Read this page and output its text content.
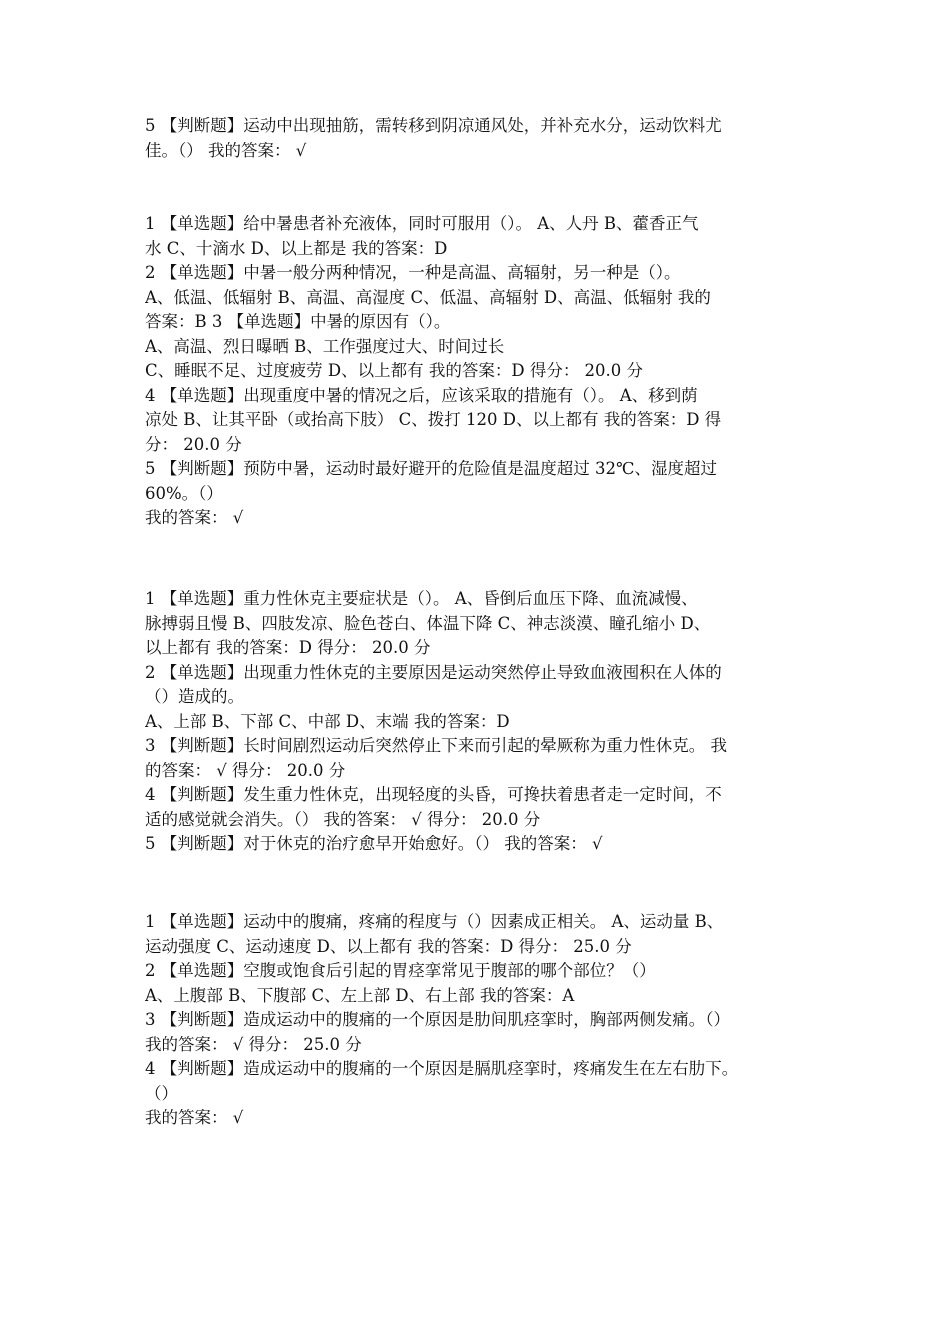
5 【判断题】运动中出现抽筋，需转移到阴凉通风处，并补充水分，运动饮料尤
佳。（） 我的答案： √
1 【单选题】给中暑患者补充液体，同时可服用（）。 A、人丹 B、藿香正气
水 C、十滴水 D、以上都是 我的答案：D
2 【单选题】中暑一般分两种情况，一种是高温、高辐射，另一种是（）。
A、低温、低辐射 B、高温、高湿度 C、低温、高辐射 D、高温、低辐射 我的
答案：B 3 【单选题】中暑的原因有（）。
A、高温、烈日曝晒 B、工作强度过大、时间过长
C、睡眠不足、过度疲劳 D、以上都有 我的答案：D 得分： 20.0 分
4 【单选题】出现重度中暑的情况之后，应该采取的措施有（）。 A、移到荫
凉处 B、让其平卧（或抬高下肢） C、拨打 120 D、以上都有 我的答案：D 得
分： 20.0 分
5 【判断题】预防中暑，运动时最好避开的危险值是温度超过 32℃、湿度超过
60%。（）
我的答案： √
1 【单选题】重力性休克主要症状是（）。 A、昏倒后血压下降、血流减慢、
脉搏弱且慢 B、四肢发凉、脸色苍白、体温下降 C、神志淡漠、瞳孔缩小 D、
以上都有 我的答案：D 得分： 20.0 分
2 【单选题】出现重力性休克的主要原因是运动突然停止导致血液囤积在人体的
（）造成的。
A、上部 B、下部 C、中部 D、末端 我的答案：D
3 【判断题】长时间剧烈运动后突然停止下来而引起的晕厥称为重力性休克。 我
的答案： √ 得分： 20.0 分
4 【判断题】发生重力性休克，出现轻度的头昏，可搀扶着患者走一定时间，不
适的感觉就会消失。（） 我的答案： √ 得分： 20.0 分
5 【判断题】对于休克的治疗愈早开始愈好。（） 我的答案： √
1 【单选题】运动中的腹痛，疼痛的程度与（）因素成正相关。 A、运动量 B、
运动强度 C、运动速度 D、以上都有 我的答案：D 得分： 25.0 分
2 【单选题】空腹或饱食后引起的胃痉挛常见于腹部的哪个部位？（）
A、上腹部 B、下腹部 C、左上部 D、右上部 我的答案：A
3 【判断题】造成运动中的腹痛的一个原因是肋间肌痉挛时，胸部两侧发痛。（）
我的答案： √ 得分： 25.0 分
4 【判断题】造成运动中的腹痛的一个原因是膈肌痉挛时，疼痛发生在左右肋下。
（）
我的答案： √
